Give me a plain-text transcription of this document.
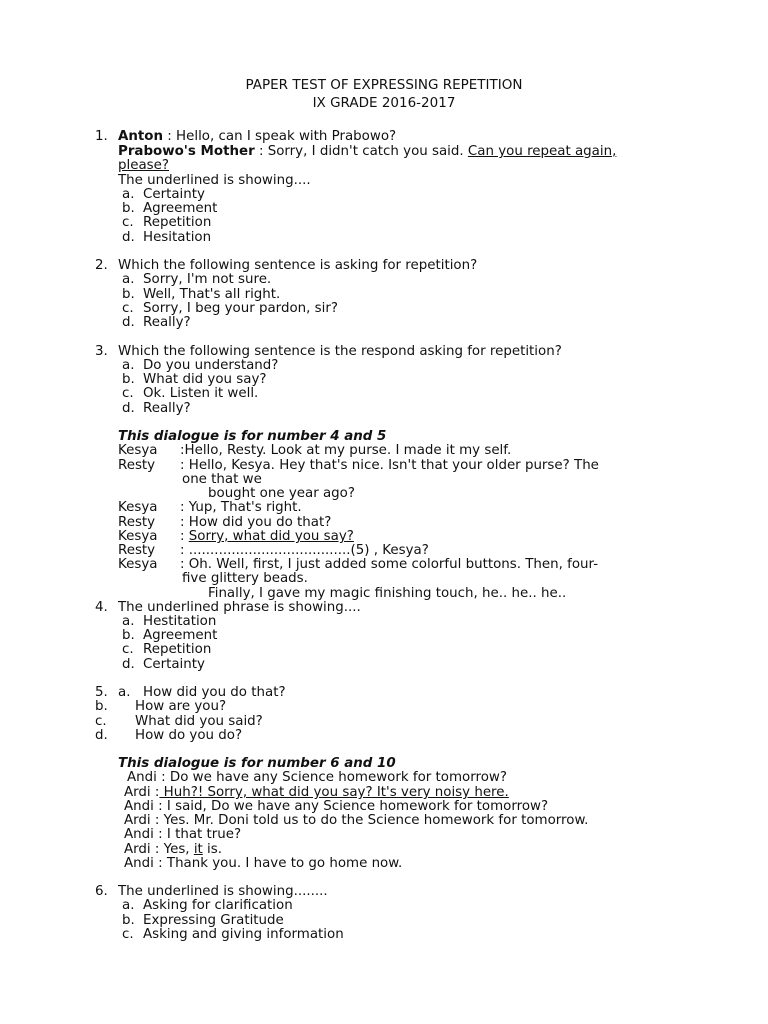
PAPER TEST OF EXPRESSING REPETITION
IX GRADE 2016-2017
1. Anton : Hello, can I speak with Prabowo?
Prabowo's Mother : Sorry, I didn't catch you said. Can you repeat again,
please?
The underlined is showing....
a. Certainty
b. Agreement
c. Repetition
d. Hesitation
2. Which the following sentence is asking for repetition?
a. Sorry, I'm not sure.
b. Well, That's all right.
c. Sorry, I beg your pardon, sir?
d. Really?
3. Which the following sentence is the respond asking for repetition?
a. Do you understand?
b. What did you say?
c. Ok. Listen it well.
d. Really?
This dialogue is for number 4 and 5
Kesya :Hello, Resty. Look at my purse. I made it my self.
Resty : Hello, Kesya. Hey that's nice. Isn't that your older purse? The
one that we
bought one year ago?
Kesya : Yup, That's right.
Resty : How did you do that?
Kesya : Sorry, what did you say?
Resty : ......................................(5) , Kesya?
Kesya : Oh. Well, first, I just added some colorful buttons. Then, four-
five glittery beads.
Finally, I gave my magic finishing touch, he.. he.. he..
4. The underlined phrase is showing....
a. Hestitation
b. Agreement
c. Repetition
d. Certainty
5. a. How did you do that?
b. How are you?
c. What did you said?
d. How do you do?
This dialogue is for number 6 and 10
Andi : Do we have any Science homework for tomorrow?
Ardi : Huh?! Sorry, what did you say? It's very noisy here.
Andi : I said, Do we have any Science homework for tomorrow?
Ardi : Yes. Mr. Doni told us to do the Science homework for tomorrow.
Andi : I that true?
Ardi : Yes, it is.
Andi : Thank you. I have to go home now.
6. The underlined is showing........
a. Asking for clarification
b. Expressing Gratitude
c. Asking and giving information
